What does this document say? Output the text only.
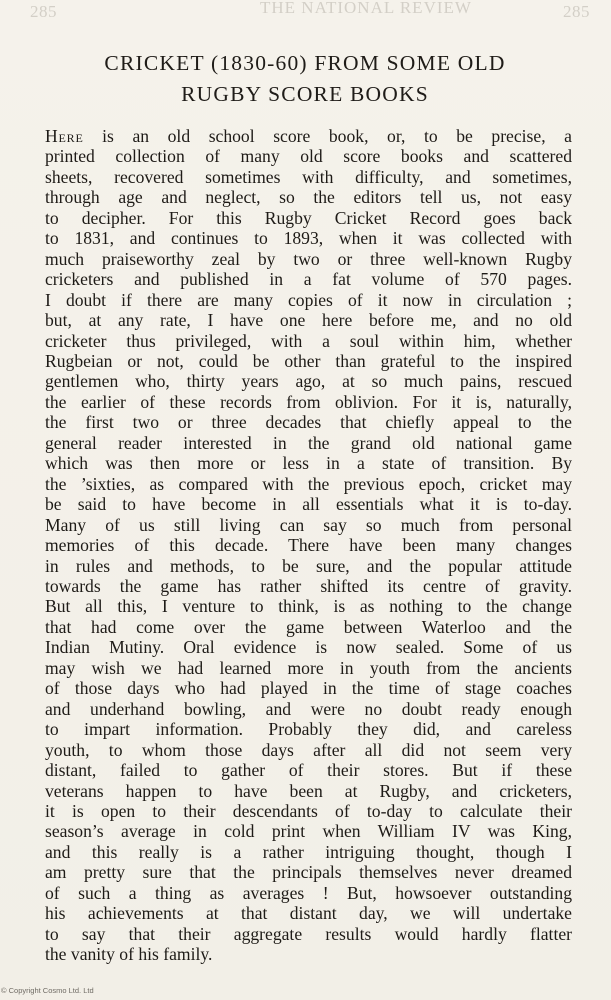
285	THE NATIONAL REVIEW	285
CRICKET (1830-60) FROM SOME OLD
RUGBY SCORE BOOKS
Here is an old school score book, or, to be precise, a
printed collection of many old score books and scattered
sheets, recovered sometimes with difficulty, and sometimes,
through age and neglect, so the editors tell us, not easy
to decipher. For this Rugby Cricket Record goes back
to 1831, and continues to 1893, when it was collected with
much praiseworthy zeal by two or three well-known Rugby
cricketers and published in a fat volume of 570 pages.
I doubt if there are many copies of it now in circulation ;
but, at any rate, I have one here before me, and no old
cricketer thus privileged, with a soul within him, whether
Rugbeian or not, could be other than grateful to the inspired
gentlemen who, thirty years ago, at so much pains, rescued
the earlier of these records from oblivion. For it is, naturally,
the first two or three decades that chiefly appeal to the
general reader interested in the grand old national game
which was then more or less in a state of transition. By
the ’sixties, as compared with the previous epoch, cricket may
be said to have become in all essentials what it is to-day.
Many of us still living can say so much from personal
memories of this decade. There have been many changes
in rules and methods, to be sure, and the popular attitude
towards the game has rather shifted its centre of gravity.
But all this, I venture to think, is as nothing to the change
that had come over the game between Waterloo and the
Indian Mutiny. Oral evidence is now sealed. Some of us
may wish we had learned more in youth from the ancients
of those days who had played in the time of stage coaches
and underhand bowling, and were no doubt ready enough
to impart information. Probably they did, and careless
youth, to whom those days after all did not seem very
distant, failed to gather of their stores. But if these
veterans happen to have been at Rugby, and cricketers,
it is open to their descendants of to-day to calculate their
season’s average in cold print when William IV was King,
and this really is a rather intriguing thought, though I
am pretty sure that the principals themselves never dreamed
of such a thing as averages ! But, howsoever outstanding
his achievements at that distant day, we will undertake
to say that their aggregate results would hardly flatter
the vanity of his family.
© Copyright Cosmo Ltd. Ltd
